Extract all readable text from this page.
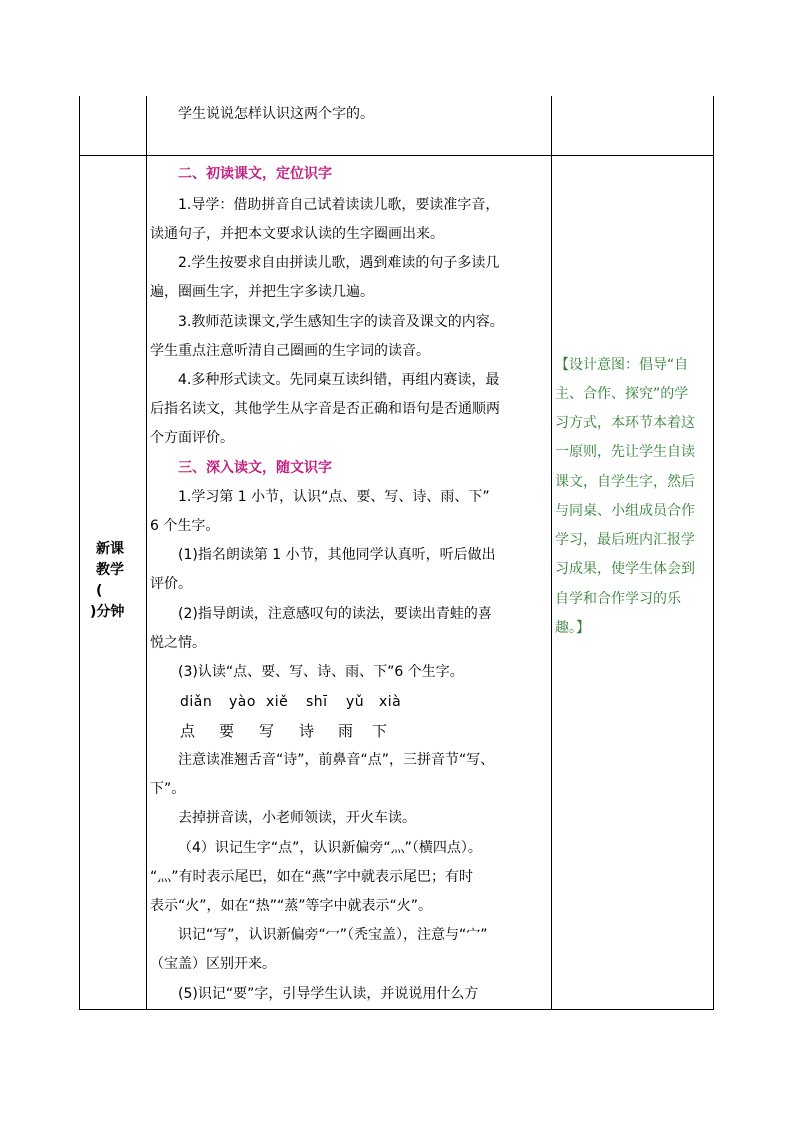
学生说说怎样认识这两个字的。
新课
教学
(
)分钟
二、初读课文，定位识字
1.导学：借助拼音自己试着读读儿歌，要读准字音，
读通句子，并把本文要求认读的生字圈画出来。
2.学生按要求自由拼读儿歌，遇到难读的句子多读几
遍，圈画生字，并把生字多读几遍。
3.教师范读课文,学生感知生字的读音及课文的内容。
学生重点注意听清自己圈画的生字词的读音。
4.多种形式读文。先同桌互读纠错，再组内赛读，最
后指名读文，其他学生从字音是否正确和语句是否通顺两
个方面评价。
三、深入读文，随文识字
1.学习第 1 小节，认识“点、要、写、诗、雨、下”
6 个生字。
(1)指名朗读第 1 小节，其他同学认真听，听后做出
评价。
(2)指导朗读，注意感叹句的读法，要读出青蛙的喜
悦之情。
(3)认读“点、要、写、诗、雨、下”6 个生字。
diǎn yào xiě shī yǔ xià
点 要 写 诗 雨 下
注意读准翘舌音“诗”，前鼻音“点”，三拼音节“写、
下”。
去掉拼音读，小老师领读，开火车读。
（4）识记生字“点”，认识新偏旁“灬”（横四点）。
“灬”有时表示尾巴，如在“燕”字中就表示尾巴；有时
表示“火”，如在“热”“蒸”等字中就表示“火”。
识记“写”，认识新偏旁“冖”（秃宝盖），注意与“宀”
（宝盖）区别开来。
(5)识记“要”字，引导学生认读，并说说用什么方
【设计意图：倡导“自
主、合作、探究”的学
习方式，本环节本着这
一原则，先让学生自读
课文，自学生字，然后
与同桌、小组成员合作
学习，最后班内汇报学
习成果，使学生体会到
自学和合作学习的乐
趣。】
